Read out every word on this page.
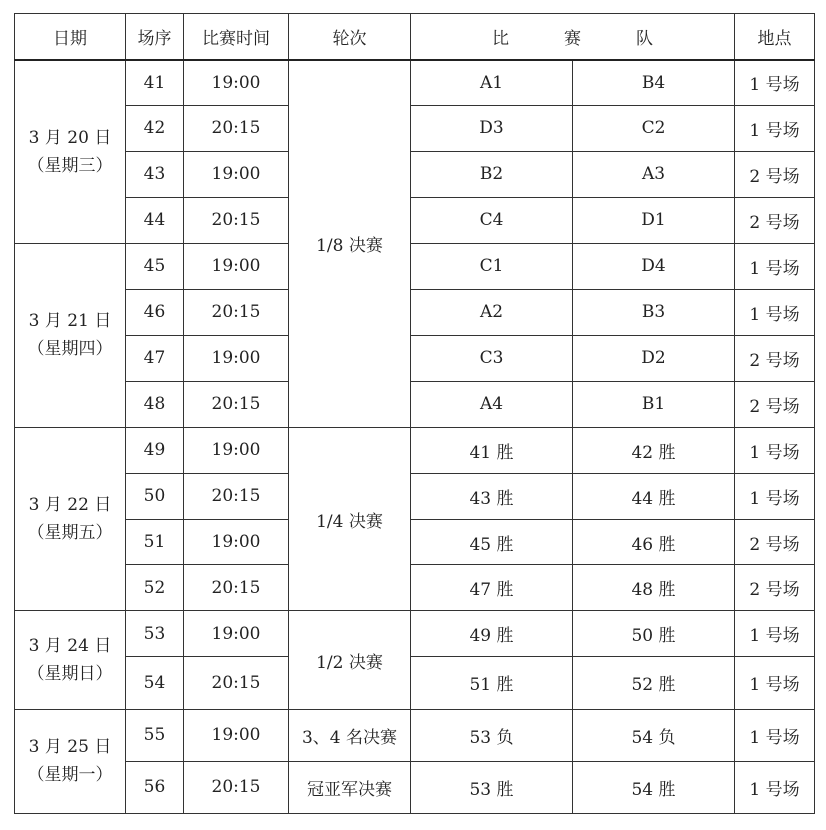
日期	场序	比赛时间	轮次	比 赛 队		地点

3 月 20 日
（星期三）	41	19:00	1/8 决赛	A1	B4	1 号场
	42	20:15		D3	C2	1 号场
	43	19:00		B2	A3	2 号场
	44	20:15		C4	D1	2 号场

3 月 21 日
（星期四）	45	19:00		C1	D4	1 号场
	46	20:15		A2	B3	1 号场
	47	19:00		C3	D2	2 号场
	48	20:15		A4	B1	2 号场

3 月 22 日
（星期五）	49	19:00	1/4 决赛	41 胜	42 胜	1 号场
	50	20:15		43 胜	44 胜	1 号场
	51	19:00		45 胜	46 胜	2 号场
	52	20:15		47 胜	48 胜	2 号场

3 月 24 日
（星期日）	53	19:00	1/2 决赛	49 胜	50 胜	1 号场
	54	20:15		51 胜	52 胜	1 号场

3 月 25 日
（星期一）	55	19:00	3、4 名决赛	53 负	54 负	1 号场
	56	20:15	冠亚军决赛	53 胜	54 胜	1 号场
